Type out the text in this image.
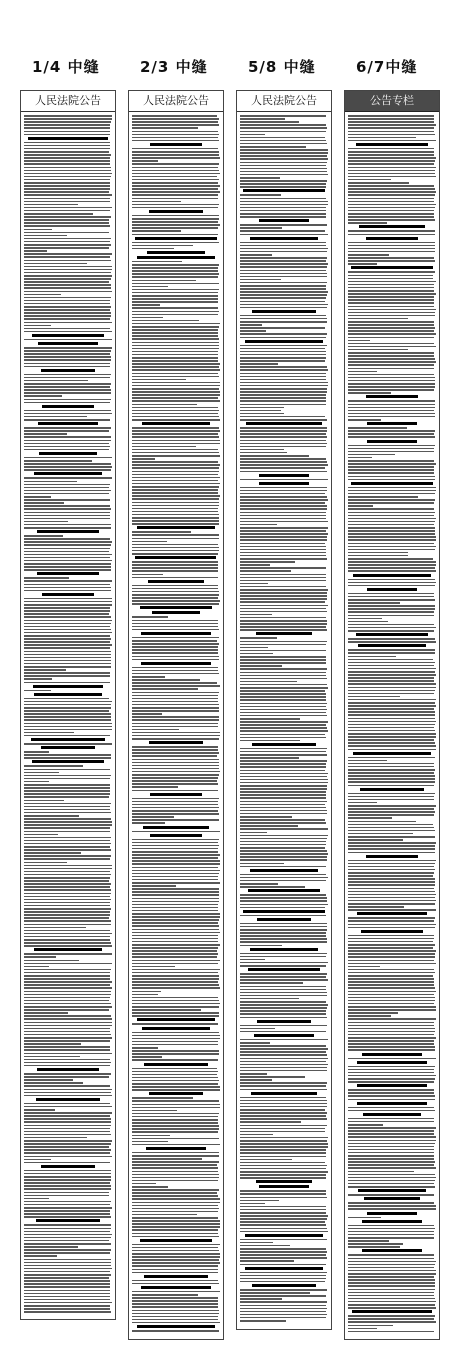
1/4 中缝	2/3 中缝	5/8 中缝	6/7中缝
人民法院公告	人民法院公告	人民法院公告	公告专栏
